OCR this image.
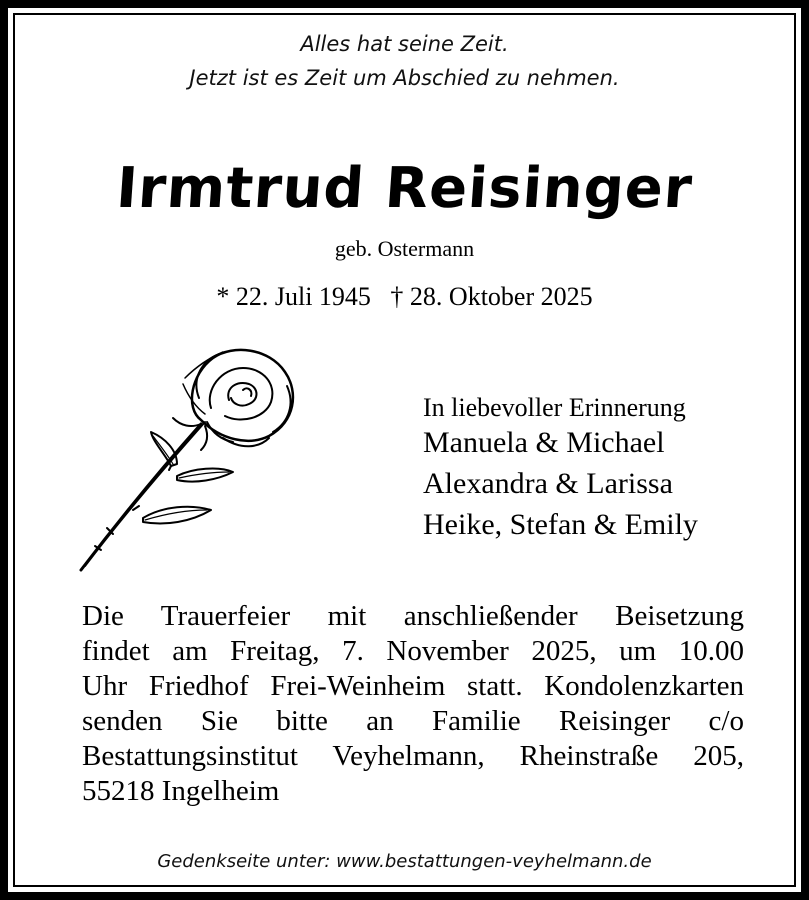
Alles hat seine Zeit.
Jetzt ist es Zeit um Abschied zu nehmen.
Irmtrud Reisinger
geb. Ostermann
* 22. Juli 1945   † 28. Oktober 2025
In liebevoller Erinnerung
Manuela & Michael
Alexandra & Larissa
Heike, Stefan & Emily
Die Trauerfeier mit anschließender Beisetzung
findet am Freitag, 7. November 2025, um 10.00
Uhr Friedhof Frei-Weinheim statt. Kondolenzkarten
senden Sie bitte an Familie Reisinger c/o
Bestattungsinstitut Veyhelmann, Rheinstraße 205,
55218 Ingelheim
Gedenkseite unter: www.bestattungen-veyhelmann.de
